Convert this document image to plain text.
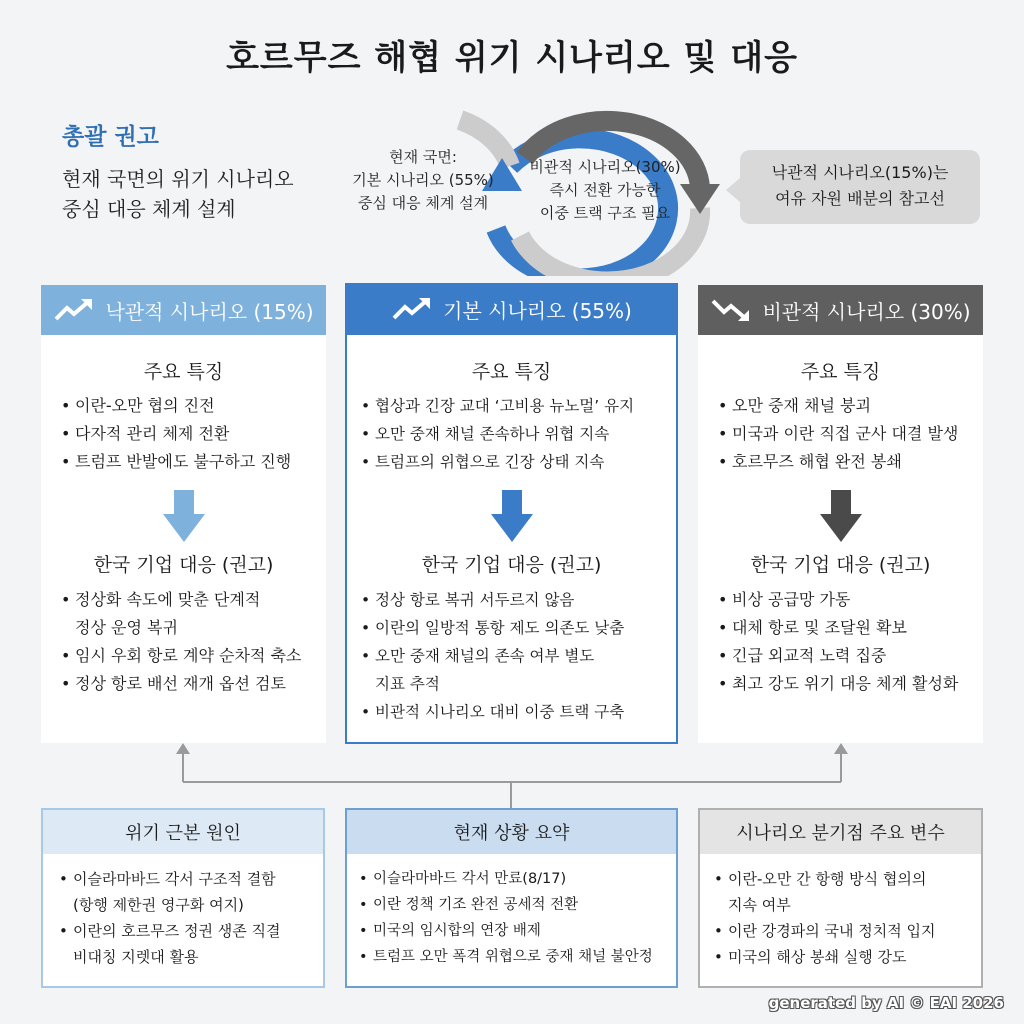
호르무즈 해협 위기 시나리오 및 대응
총괄 권고
현재 국면의 위기 시나리오
중심 대응 체계 설계
현재 국면:
기본 시나리오 (55%)
중심 대응 체계 설계
비관적 시나리오(30%)
즉시 전환 가능한
이중 트랙 구조 필요
낙관적 시나리오(15%)는
여유 자원 배분의 참고선
낙관적 시나리오 (15%)
주요 특징
• 이란-오만 협의 진전
• 다자적 관리 체제 전환
• 트럼프 반발에도 불구하고 진행
한국 기업 대응 (권고)
• 정상화 속도에 맞춘 단계적
정상 운영 복귀
• 임시 우회 항로 계약 순차적 축소
• 정상 항로 배선 재개 옵션 검토
기본 시나리오 (55%)
주요 특징
• 협상과 긴장 교대 ‘고비용 뉴노멀’ 유지
• 오만 중재 채널 존속하나 위협 지속
• 트럼프의 위협으로 긴장 상태 지속
한국 기업 대응 (권고)
• 정상 항로 복귀 서두르지 않음
• 이란의 일방적 통항 제도 의존도 낮춤
• 오만 중재 채널의 존속 여부 별도
지표 추적
• 비관적 시나리오 대비 이중 트랙 구축
비관적 시나리오 (30%)
주요 특징
• 오만 중재 채널 붕괴
• 미국과 이란 직접 군사 대결 발생
• 호르무즈 해협 완전 봉쇄
한국 기업 대응 (권고)
• 비상 공급망 가동
• 대체 항로 및 조달원 확보
• 긴급 외교적 노력 집중
• 최고 강도 위기 대응 체계 활성화
위기 근본 원인
• 이슬라마바드 각서 구조적 결함
(항행 제한권 영구화 여지)
• 이란의 호르무즈 정권 생존 직결
비대칭 지렛대 활용
현재 상황 요약
• 이슬라마바드 각서 만료(8/17)
• 이란 정책 기조 완전 공세적 전환
• 미국의 임시합의 연장 배제
• 트럼프 오만 폭격 위협으로 중재 채널 불안정
시나리오 분기점 주요 변수
• 이란-오만 간 항행 방식 협의의
지속 여부
• 이란 강경파의 국내 정치적 입지
• 미국의 해상 봉쇄 실행 강도
generated by AI © EAI 2026
